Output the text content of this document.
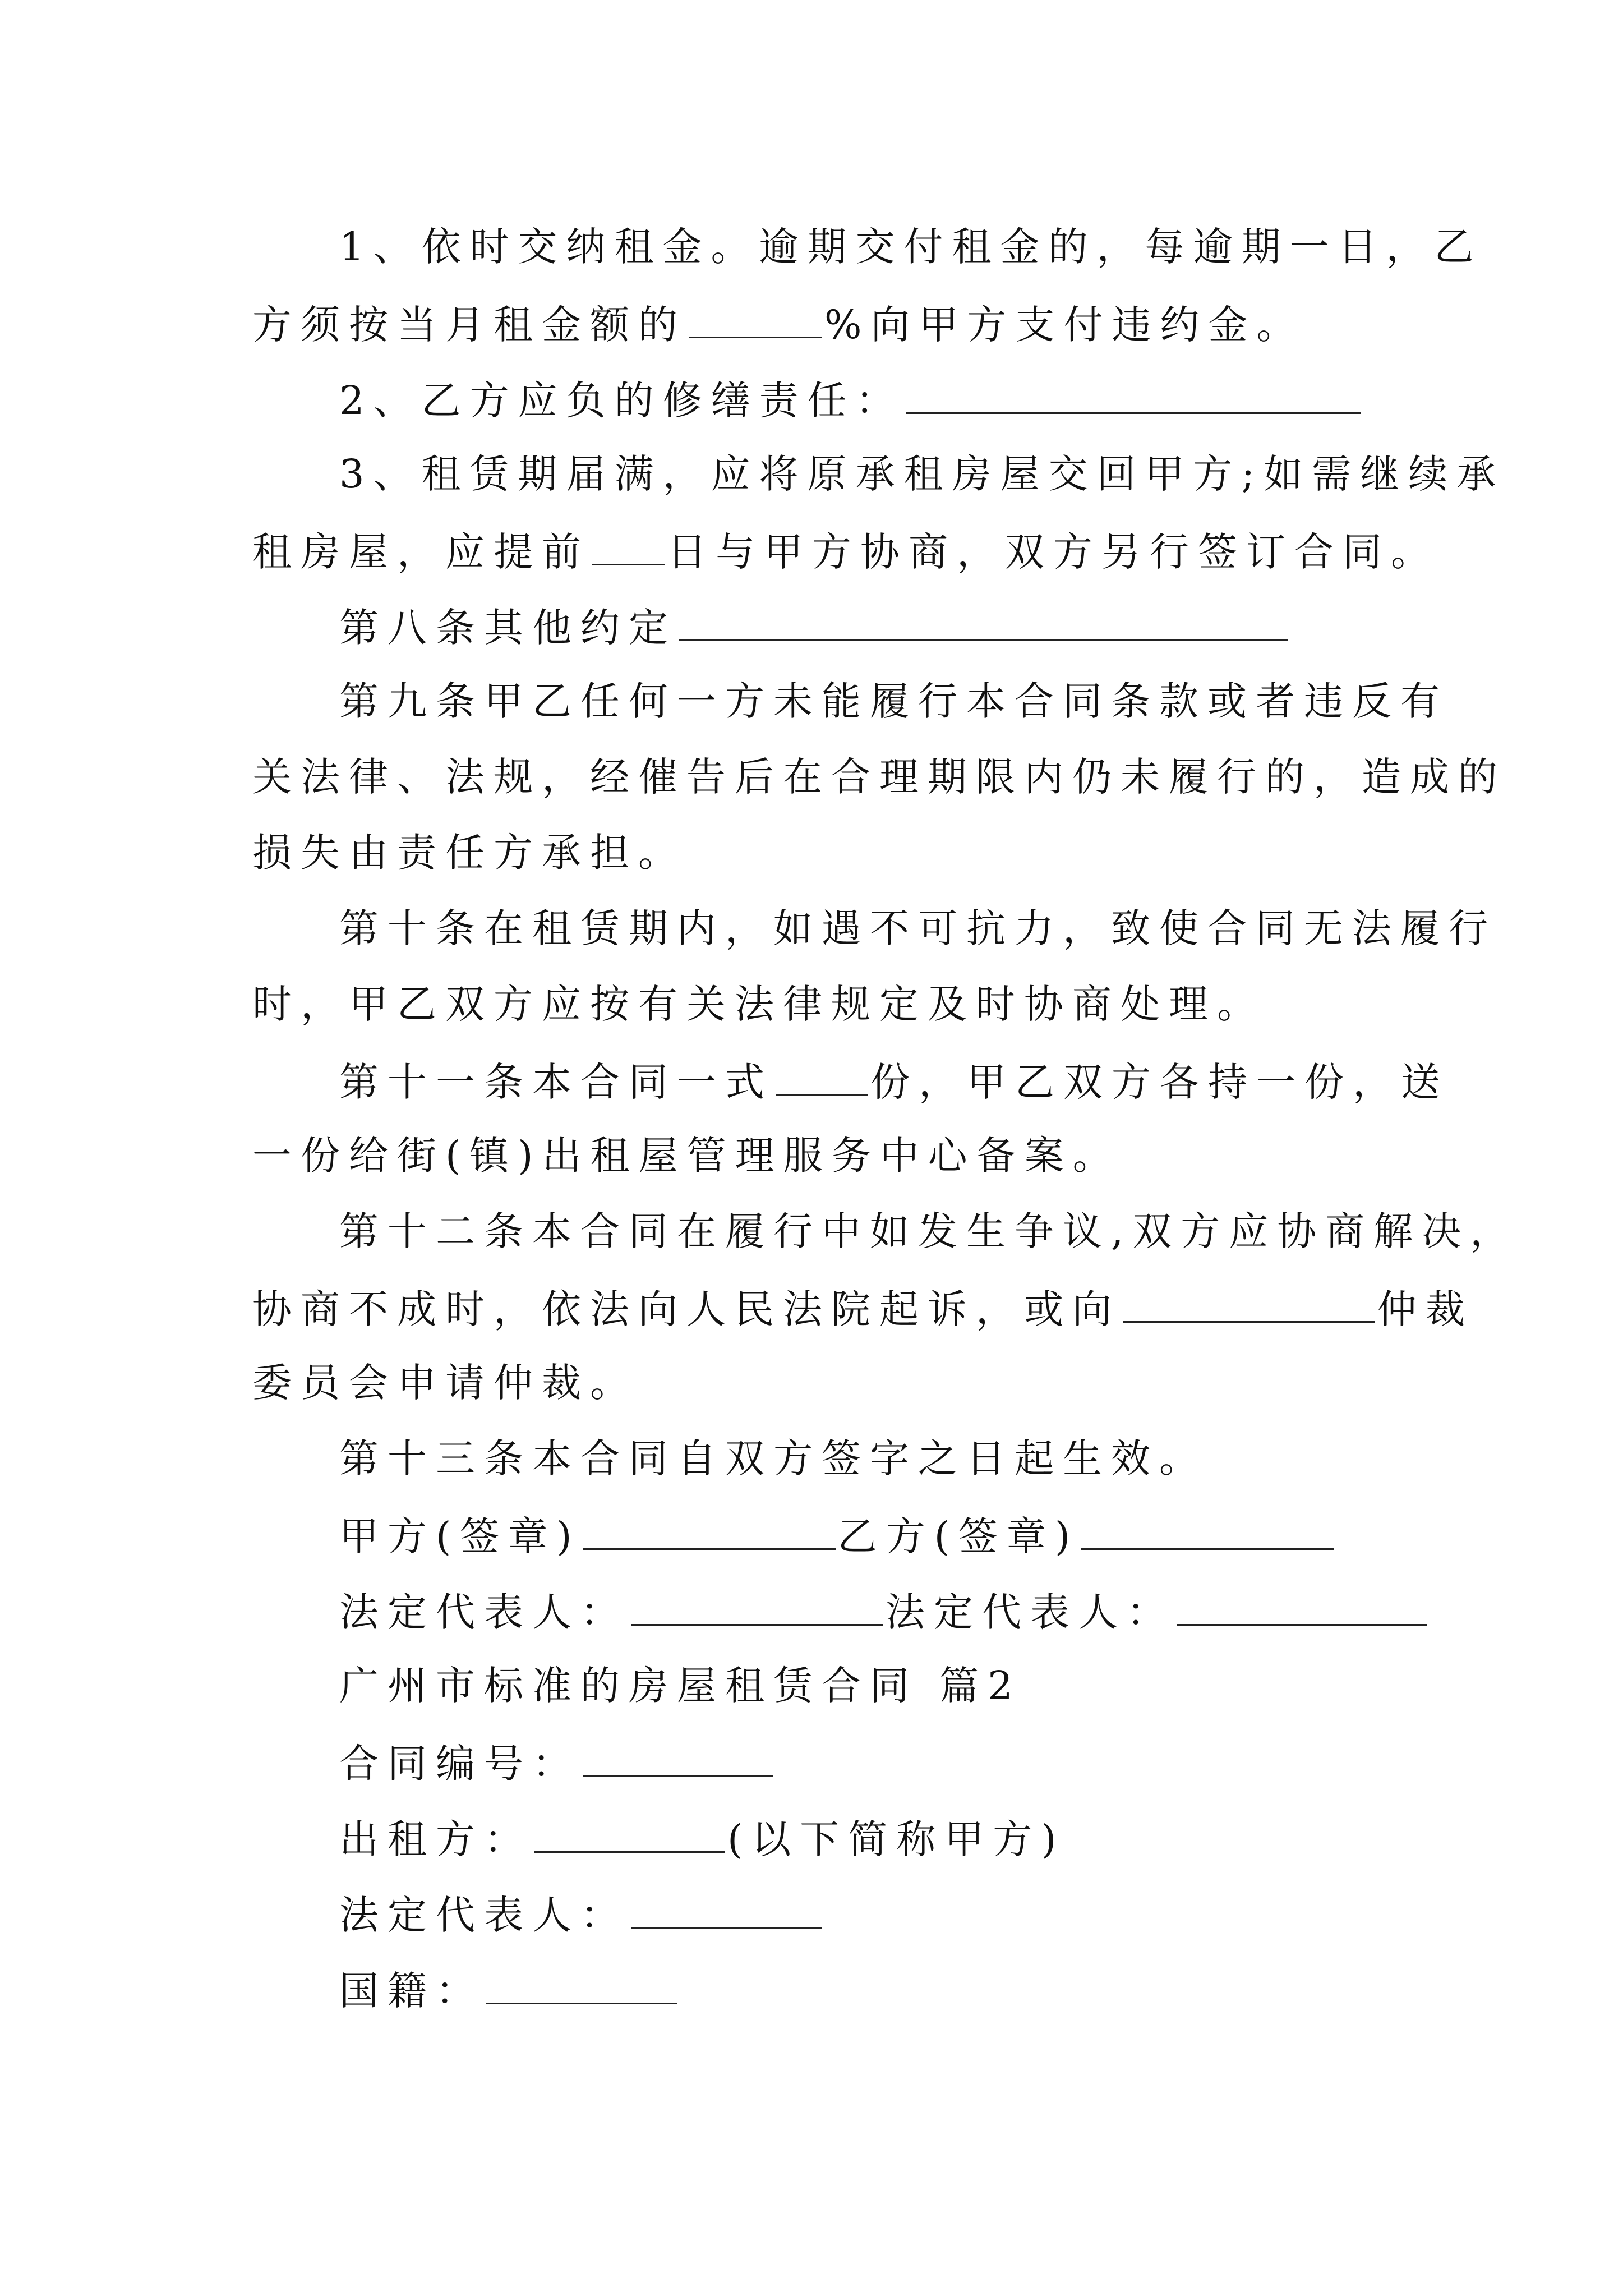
1、依时交纳租金。逾期交付租金的，每逾期一日，乙

方须按当月租金额的	%向甲方支付违约金。

2、乙方应负的修缮责任：

3、租赁期届满，应将原承租房屋交回甲方;如需继续承

租房屋，应提前 日与甲方协商，双方另行签订合同。

第八条其他约定

第九条甲乙任何一方未能履行本合同条款或者违反有

关法律、法规，经催告后在合理期限内仍未履行的，造成的

损失由责任方承担。

第十条在租赁期内，如遇不可抗力，致使合同无法履行

时，甲乙双方应按有关法律规定及时协商处理。

第十一条本合同一式 份，甲乙双方各持一份，送

一份给街(镇)出租屋管理服务中心备案。

第十二条本合同在履行中如发生争议,双方应协商解决，

协商不成时，依法向人民法院起诉，或向	仲裁

委员会申请仲裁。

第十三条本合同自双方签字之日起生效。

甲方(签章)	乙方(签章)

法定代表人：	法定代表人：

广州市标准的房屋租赁合同 篇2

合同编号：

出租方：	(以下简称甲方)

法定代表人：

国籍：
